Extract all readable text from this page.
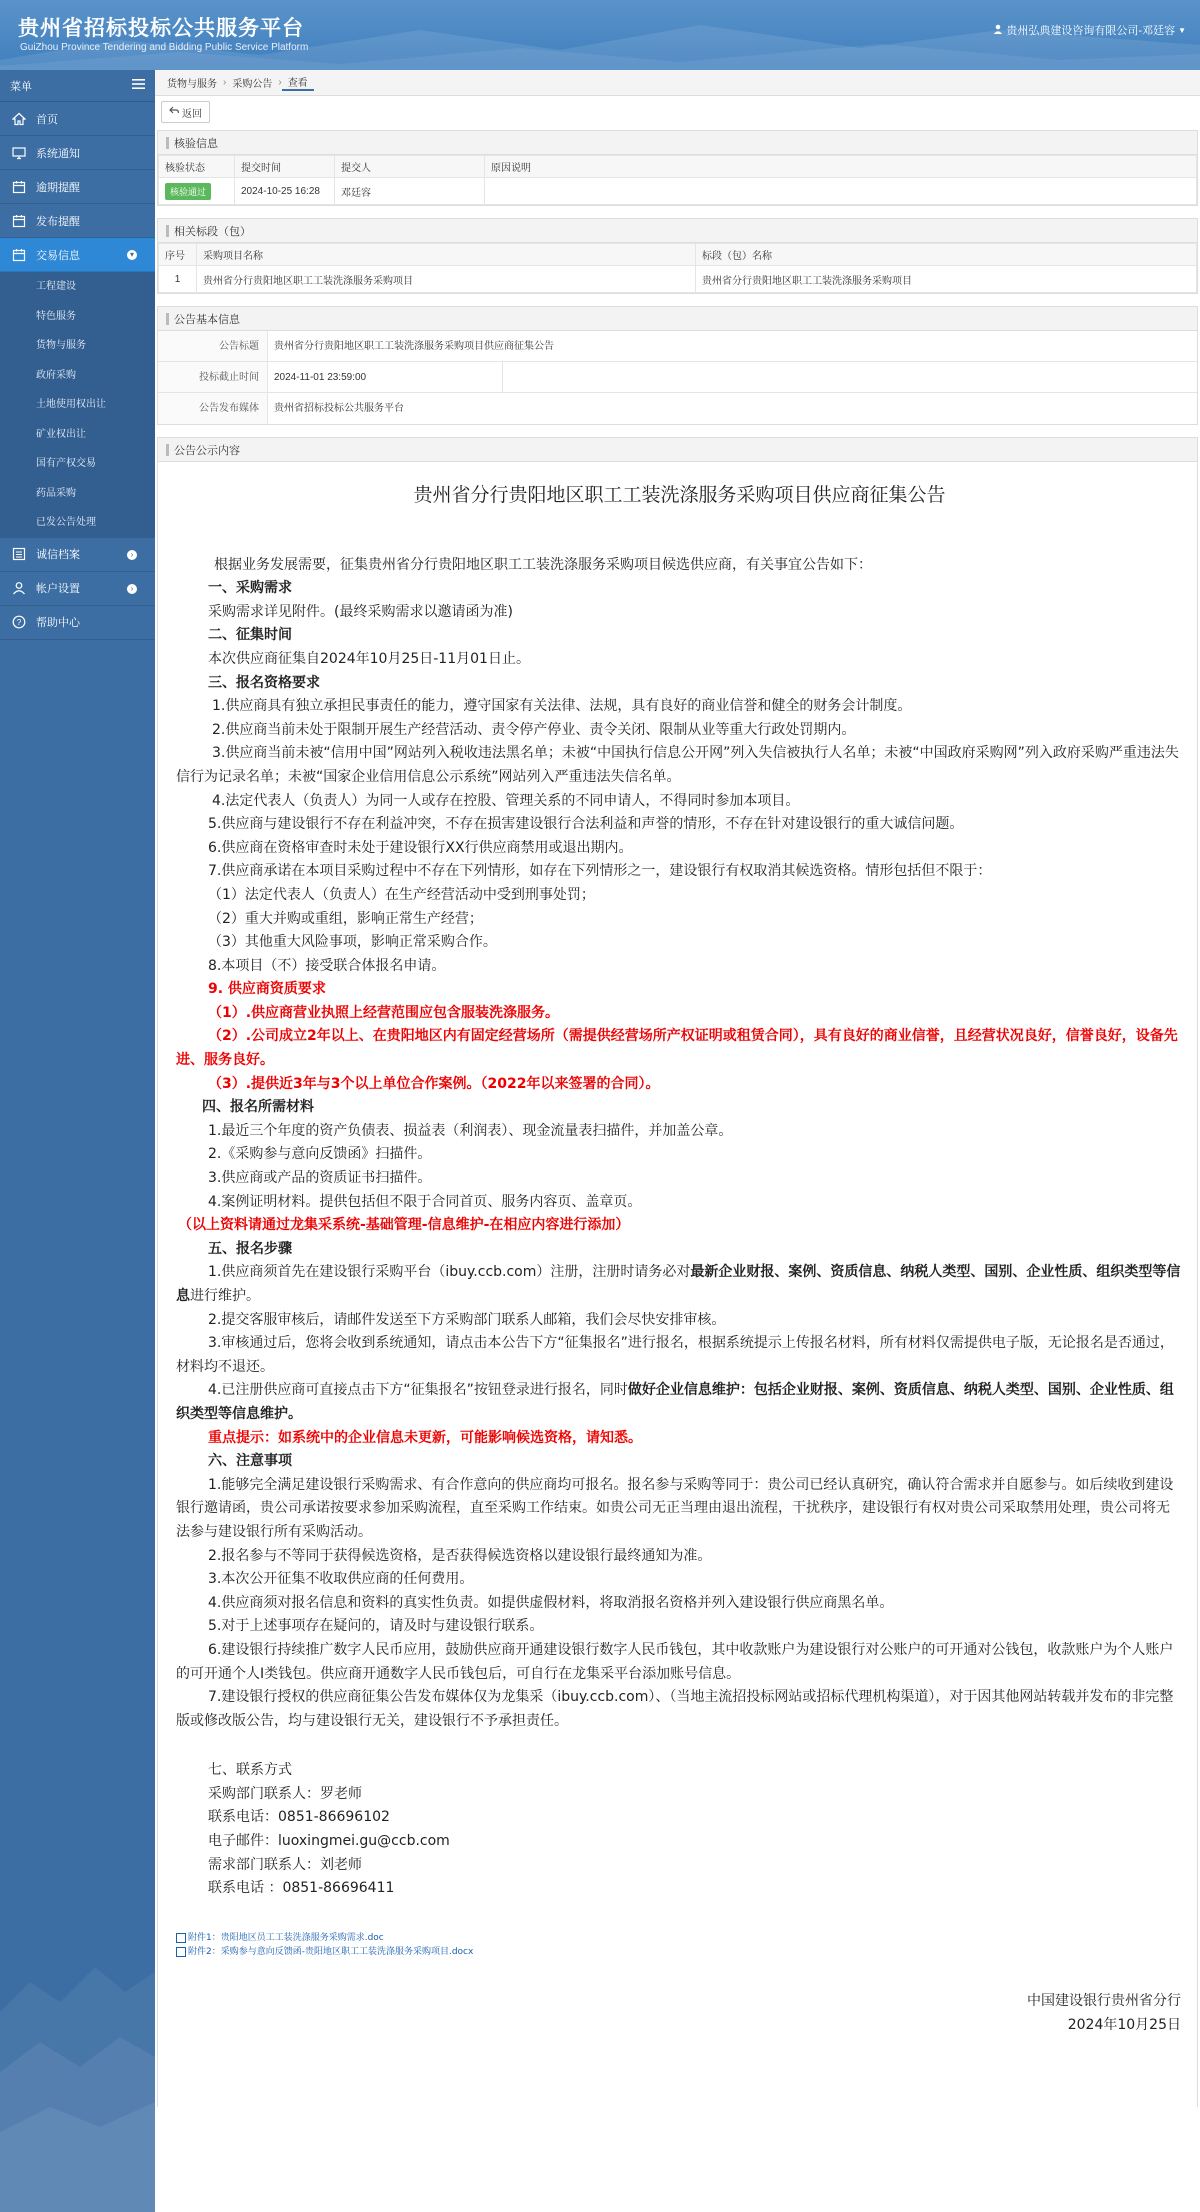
贵州省招标投标公共服务平台
GuiZhou Province Tendering and Bidding Public Service Platform
贵州弘典建设咨询有限公司-邓廷容 ▼
菜单
首页
系统通知
逾期提醒
发布提醒
交易信息	▾
工程建设
特色服务
货物与服务
政府采购
土地使用权出让
矿业权出让
国有产权交易
药品采购
已发公告处理
诚信档案	›
帐户设置	›
? 帮助中心
货物与服务 › 采购公告 › 查看
返回
核验信息
核验状态	提交时间	提交人	原因说明
核验通过	2024-10-25 16:28	邓廷容	
相关标段（包）
序号	采购项目名称	标段（包）名称
1	贵州省分行贵阳地区职工工装洗涤服务采购项目	贵州省分行贵阳地区职工工装洗涤服务采购项目
公告基本信息
公告标题	贵州省分行贵阳地区职工工装洗涤服务采购项目供应商征集公告
投标截止时间	2024-11-01 23:59:00
公告发布媒体	贵州省招标投标公共服务平台
公告公示内容
贵州省分行贵阳地区职工工装洗涤服务采购项目供应商征集公告

根据业务发展需要，征集贵州省分行贵阳地区职工工装洗涤服务采购项目候选供应商，有关事宜公告如下：

一、采购需求

采购需求详见附件。(最终采购需求以邀请函为准)

二、征集时间

本次供应商征集自2024年10月25日-11月01日止。

三、报名资格要求

1.供应商具有独立承担民事责任的能力，遵守国家有关法律、法规，具有良好的商业信誉和健全的财务会计制度。

2.供应商当前未处于限制开展生产经营活动、责令停产停业、责令关闭、限制从业等重大行政处罚期内。

3.供应商当前未被“信用中国”网站列入税收违法黑名单；未被“中国执行信息公开网”列入失信被执行人名单；未被“中国政府采购网”列入政府采购严重违法失信行为记录名单；未被“国家企业信用信息公示系统”网站列入严重违法失信名单。

4.法定代表人（负责人）为同一人或存在控股、管理关系的不同申请人，不得同时参加本项目。

5.供应商与建设银行不存在利益冲突，不存在损害建设银行合法利益和声誉的情形，不存在针对建设银行的重大诚信问题。

6.供应商在资格审查时未处于建设银行XX行供应商禁用或退出期内。

7.供应商承诺在本项目采购过程中不存在下列情形，如存在下列情形之一，建设银行有权取消其候选资格。情形包括但不限于：

（1）法定代表人（负责人）在生产经营活动中受到刑事处罚；

（2）重大并购或重组，影响正常生产经营；

（3）其他重大风险事项，影响正常采购合作。

8.本项目（不）接受联合体报名申请。

9. 供应商资质要求

（1）.供应商营业执照上经营范围应包含服装洗涤服务。

（2）.公司成立2年以上、在贵阳地区内有固定经营场所（需提供经营场所产权证明或租赁合同），具有良好的商业信誉，且经营状况良好，信誉良好，设备先进、服务良好。

（3）.提供近3年与3个以上单位合作案例。（2022年以来签署的合同）。

四、报名所需材料

1.最近三个年度的资产负债表、损益表（利润表）、现金流量表扫描件，并加盖公章。

2.《采购参与意向反馈函》扫描件。

3.供应商或产品的资质证书扫描件。

4.案例证明材料。提供包括但不限于合同首页、服务内容页、盖章页。

（以上资料请通过龙集采系统-基础管理-信息维护-在相应内容进行添加）

五、报名步骤

1.供应商须首先在建设银行采购平台（ibuy.ccb.com）注册，注册时请务必对最新企业财报、案例、资质信息、纳税人类型、国别、企业性质、组织类型等信息进行维护。

2.提交客服审核后，请邮件发送至下方采购部门联系人邮箱，我们会尽快安排审核。

3.审核通过后，您将会收到系统通知，请点击本公告下方“征集报名”进行报名，根据系统提示上传报名材料，所有材料仅需提供电子版，无论报名是否通过，材料均不退还。

4.已注册供应商可直接点击下方“征集报名”按钮登录进行报名，同时做好企业信息维护：包括企业财报、案例、资质信息、纳税人类型、国别、企业性质、组织类型等信息维护。

重点提示：如系统中的企业信息未更新，可能影响候选资格，请知悉。

六、注意事项

1.能够完全满足建设银行采购需求、有合作意向的供应商均可报名。报名参与采购等同于：贵公司已经认真研究，确认符合需求并自愿参与。如后续收到建设银行邀请函，贵公司承诺按要求参加采购流程，直至采购工作结束。如贵公司无正当理由退出流程，干扰秩序，建设银行有权对贵公司采取禁用处理，贵公司将无法参与建设银行所有采购活动。

2.报名参与不等同于获得候选资格，是否获得候选资格以建设银行最终通知为准。

3.本次公开征集不收取供应商的任何费用。

4.供应商须对报名信息和资料的真实性负责。如提供虚假材料，将取消报名资格并列入建设银行供应商黑名单。

5.对于上述事项存在疑问的，请及时与建设银行联系。

6.建设银行持续推广数字人民币应用，鼓励供应商开通建设银行数字人民币钱包，其中收款账户为建设银行对公账户的可开通对公钱包，收款账户为个人账户的可开通个人I类钱包。供应商开通数字人民币钱包后，可自行在龙集采平台添加账号信息。

7.建设银行授权的供应商征集公告发布媒体仅为龙集采（ibuy.ccb.com）、（当地主流招投标网站或招标代理机构渠道），对于因其他网站转载并发布的非完整版或修改版公告，均与建设银行无关，建设银行不予承担责任。

七、联系方式

采购部门联系人：罗老师

联系电话：0851-86696102

电子邮件：luoxingmei.gu@ccb.com

需求部门联系人：刘老师

联系电话 ：0851-86696411

附件1：贵阳地区员工工装洗涤服务采购需求.doc
附件2：采购参与意向反馈函-贵阳地区职工工装洗涤服务采购项目.docx
中国建设银行贵州省分行
2024年10月25日
